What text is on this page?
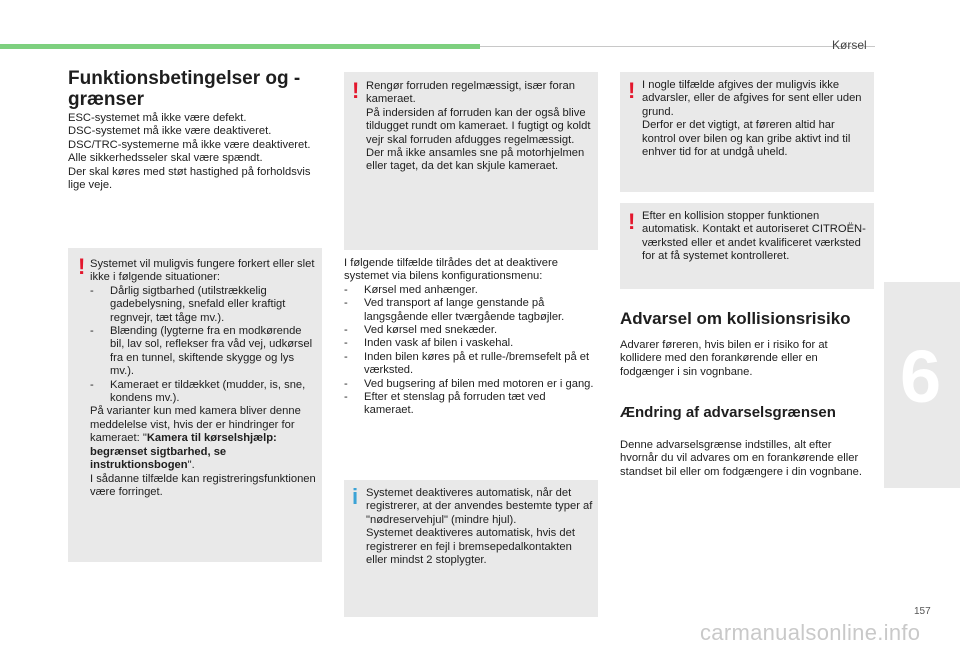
Kørsel
6
157
carmanualsonline.info
Funktionsbetingelser og -grænser

ESC-systemet må ikke være defekt.

DSC-systemet må ikke være deaktiveret.

DSC/TRC-systemerne må ikke være deaktiveret.

Alle sikkerhedsseler skal være spændt.

Der skal køres med støt hastighed på forholdsvis lige veje.

! Systemet vil muligvis fungere forkert eller slet ikke i følgende situationer:

- Dårlig sigtbarhed (utilstrækkelig gadebelysning, snefald eller kraftigt regnvejr, tæt tåge mv.).
- Blænding (lygterne fra en modkørende bil, lav sol, reflekser fra våd vej, udkørsel fra en tunnel, skiftende skygge og lys mv.).
- Kameraet er tildækket (mudder, is, sne, kondens mv.).

På varianter kun med kamera bliver denne meddelelse vist, hvis der er hindringer for kameraet: "Kamera til kørselshjælp: begrænset sigtbarhed, se instruktionsbogen".

I sådanne tilfælde kan registreringsfunktionen være forringet.

! Rengør forruden regelmæssigt, især foran kameraet.

På indersiden af forruden kan der også blive tildugget rundt om kameraet. I fugtigt og koldt vejr skal forruden afdugges regelmæssigt.

Der må ikke ansamles sne på motorhjelmen eller taget, da det kan skjule kameraet.

I følgende tilfælde tilrådes det at deaktivere systemet via bilens konfigurationsmenu:

- Kørsel med anhænger.
- Ved transport af lange genstande på langsgående eller tværgående tagbøjler.
- Ved kørsel med snekæder.
- Inden vask af bilen i vaskehal.
- Inden bilen køres på et rulle-/bremsefelt på et værksted.
- Ved bugsering af bilen med motoren er i gang.
- Efter et stenslag på forruden tæt ved kameraet.
i Systemet deaktiveres automatisk, når det registrerer, at der anvendes bestemte typer af "nødreservehjul" (mindre hjul).

Systemet deaktiveres automatisk, hvis det registrerer en fejl i bremsepedalkontakten eller mindst 2 stoplygter.

! I nogle tilfælde afgives der muligvis ikke advarsler, eller de afgives for sent eller uden grund.

Derfor er det vigtigt, at føreren altid har kontrol over bilen og kan gribe aktivt ind til enhver tid for at undgå uheld.

! Efter en kollision stopper funktionen automatisk. Kontakt et autoriseret CITROËN-værksted eller et andet kvalificeret værksted for at få systemet kontrolleret.
Advarsel om kollisionsrisiko
Advarer føreren, hvis bilen er i risiko for at kollidere med den forankørende eller en fodgænger i sin vognbane.
Ændring af advarselsgrænsen
Denne advarselsgrænse indstilles, alt efter hvornår du vil advares om en forankørende eller standset bil eller om fodgængere i din vognbane.
